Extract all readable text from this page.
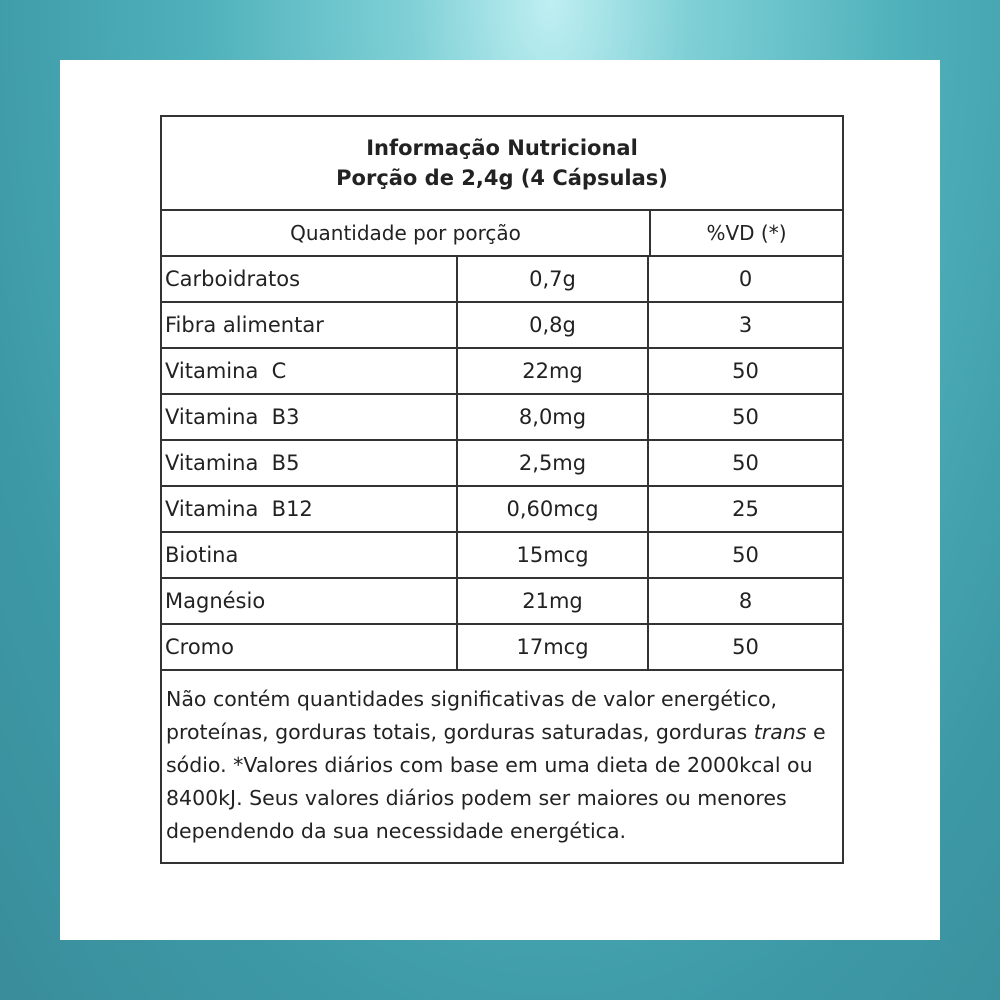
Informação Nutricional
Porção de 2,4g (4 Cápsulas)
Quantidade por porção	%VD (*)
Carboidratos	0,7g	0
Fibra alimentar	0,8g	3
Vitamina  C	22mg	50
Vitamina  B3	8,0mg	50
Vitamina  B5	2,5mg	50
Vitamina  B12	0,60mcg	25
Biotina	15mcg	50
Magnésio	21mg	8
Cromo	17mcg	50
Não contém quantidades significativas de valor energético, proteínas, gorduras totais, gorduras saturadas, gorduras trans e sódio. *Valores diários com base em uma dieta de 2000kcal ou 8400kJ. Seus valores diários podem ser maiores ou menores dependendo da sua necessidade energética.
